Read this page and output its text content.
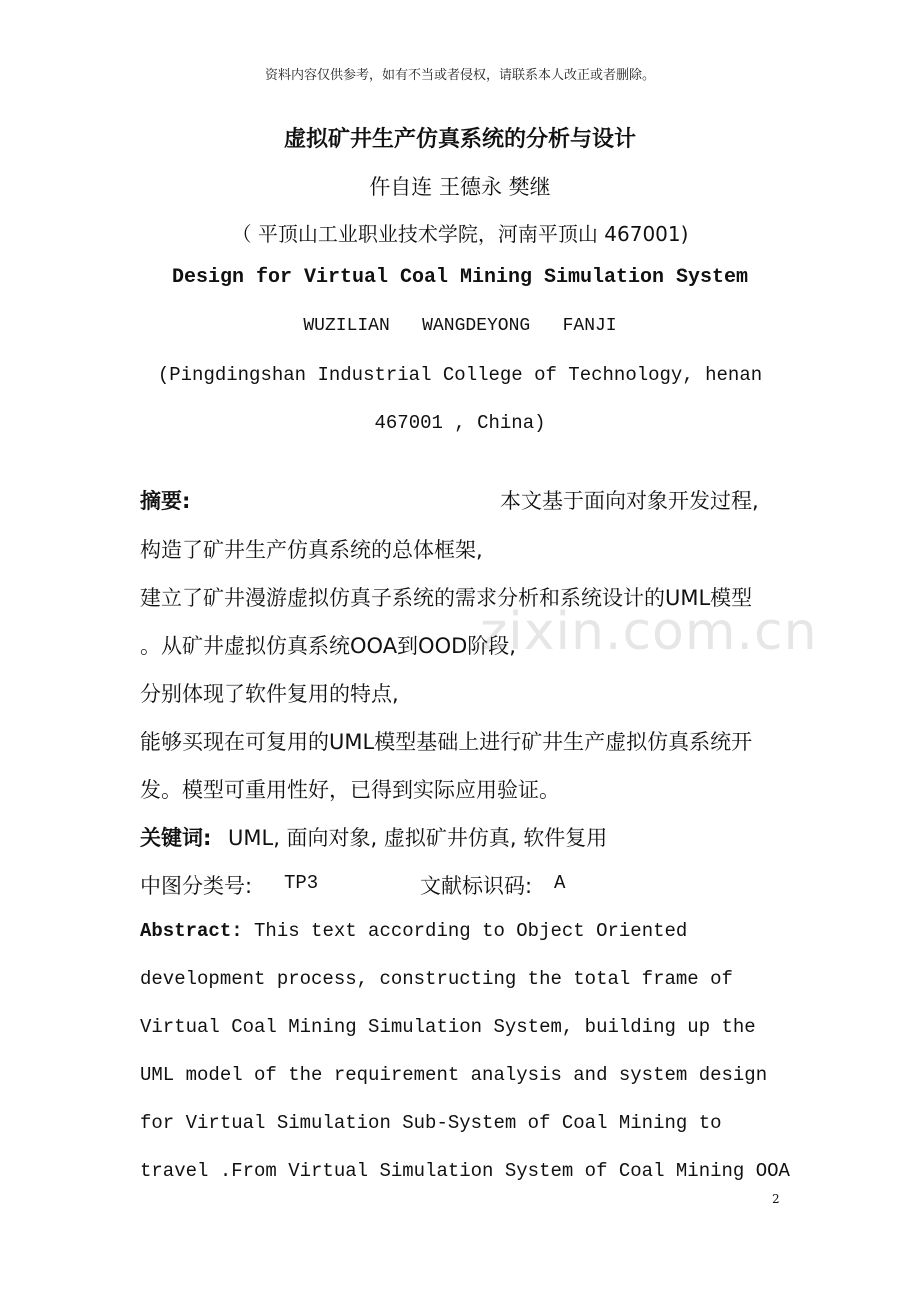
资料内容仅供参考，如有不当或者侵权，请联系本人改正或者删除。
虚拟矿井生产仿真系统的分析与设计
仵自连 王德永 樊继
（ 平顶山工业职业技术学院，河南平顶山 467001)
Design for Virtual Coal Mining Simulation System
WUZILIAN   WANGDEYONG   FANJI
(Pingdingshan Industrial College of Technology, henan
467001 , China)
zixin.com.cn
摘要:	本文基于面向对象开发过程,
构造了矿井生产仿真系统的总体框架,
建立了矿井漫游虚拟仿真子系统的需求分析和系统设计的UML模型
。从矿井虚拟仿真系统OOA到OOD阶段,
分别体现了软件复用的特点,
能够买现在可复用的UML模型基础上进行矿井生产虚拟仿真系统开
发。模型可重用性好，已得到实际应用验证。
关键词: UML, 面向对象, 虚拟矿井仿真, 软件复用
中图分类号: TP3	文献标识码: A
Abstract: This text according to Object Oriented
development process, constructing the total frame of
Virtual Coal Mining Simulation System, building up the
UML model of the requirement analysis and system design
for Virtual Simulation Sub-System of Coal Mining to
travel .From Virtual Simulation System of Coal Mining OOA
2
